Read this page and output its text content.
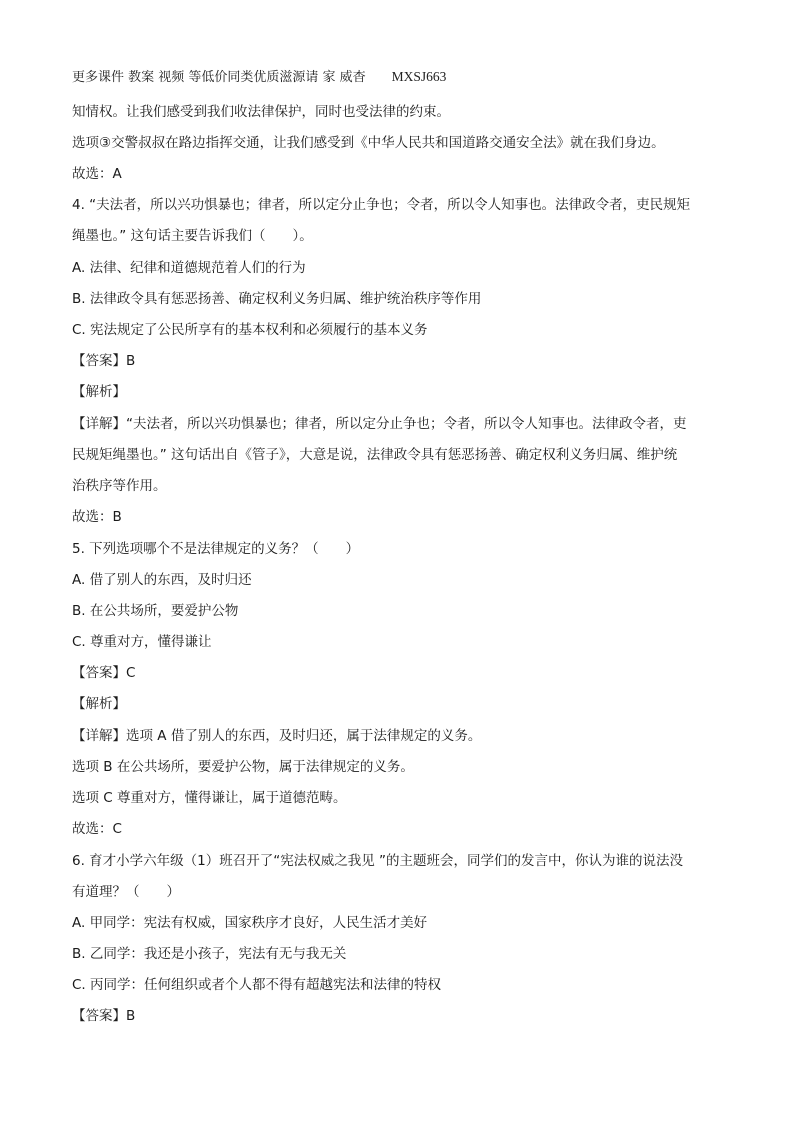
更多课件 教案 视频 等低价同类优质滋源请 家 威杳 MXSJ663
知情权。让我们感受到我们收法律保护，同时也受法律的约束。
选项③交警叔叔在路边指挥交通，让我们感受到《中华人民共和国道路交通安全法》就在我们身边。
故选：A
4. “夫法者，所以兴功惧暴也；律者，所以定分止争也；令者，所以令人知事也。法律政令者，吏民规矩
绳墨也。” 这句话主要告诉我们（　　）。
A. 法律、纪律和道德规范着人们的行为
B. 法律政令具有惩恶扬善、确定权利义务归属、维护统治秩序等作用
C. 宪法规定了公民所享有的基本权利和必须履行的基本义务
【答案】B
【解析】
【详解】“夫法者，所以兴功惧暴也；律者，所以定分止争也；令者，所以令人知事也。法律政令者，吏
民规矩绳墨也。” 这句话出自《管子》，大意是说，法律政令具有惩恶扬善、确定权利义务归属、维护统
治秩序等作用。
故选：B
5. 下列选项哪个不是法律规定的义务？（　　）
A. 借了别人的东西，及时归还
B. 在公共场所，要爱护公物
C. 尊重对方，懂得谦让
【答案】C
【解析】
【详解】选项 A 借了别人的东西，及时归还，属于法律规定的义务。
选项 B 在公共场所，要爱护公物，属于法律规定的义务。
选项 C 尊重对方，懂得谦让，属于道德范畴。
故选：C
6. 育才小学六年级（1）班召开了“宪法权威之我见 ”的主题班会，同学们的发言中，你认为谁的说法没
有道理？（　　）
A. 甲同学：宪法有权威，国家秩序才良好，人民生活才美好
B. 乙同学：我还是小孩子，宪法有无与我无关
C. 丙同学：任何组织或者个人都不得有超越宪法和法律的特权
【答案】B
